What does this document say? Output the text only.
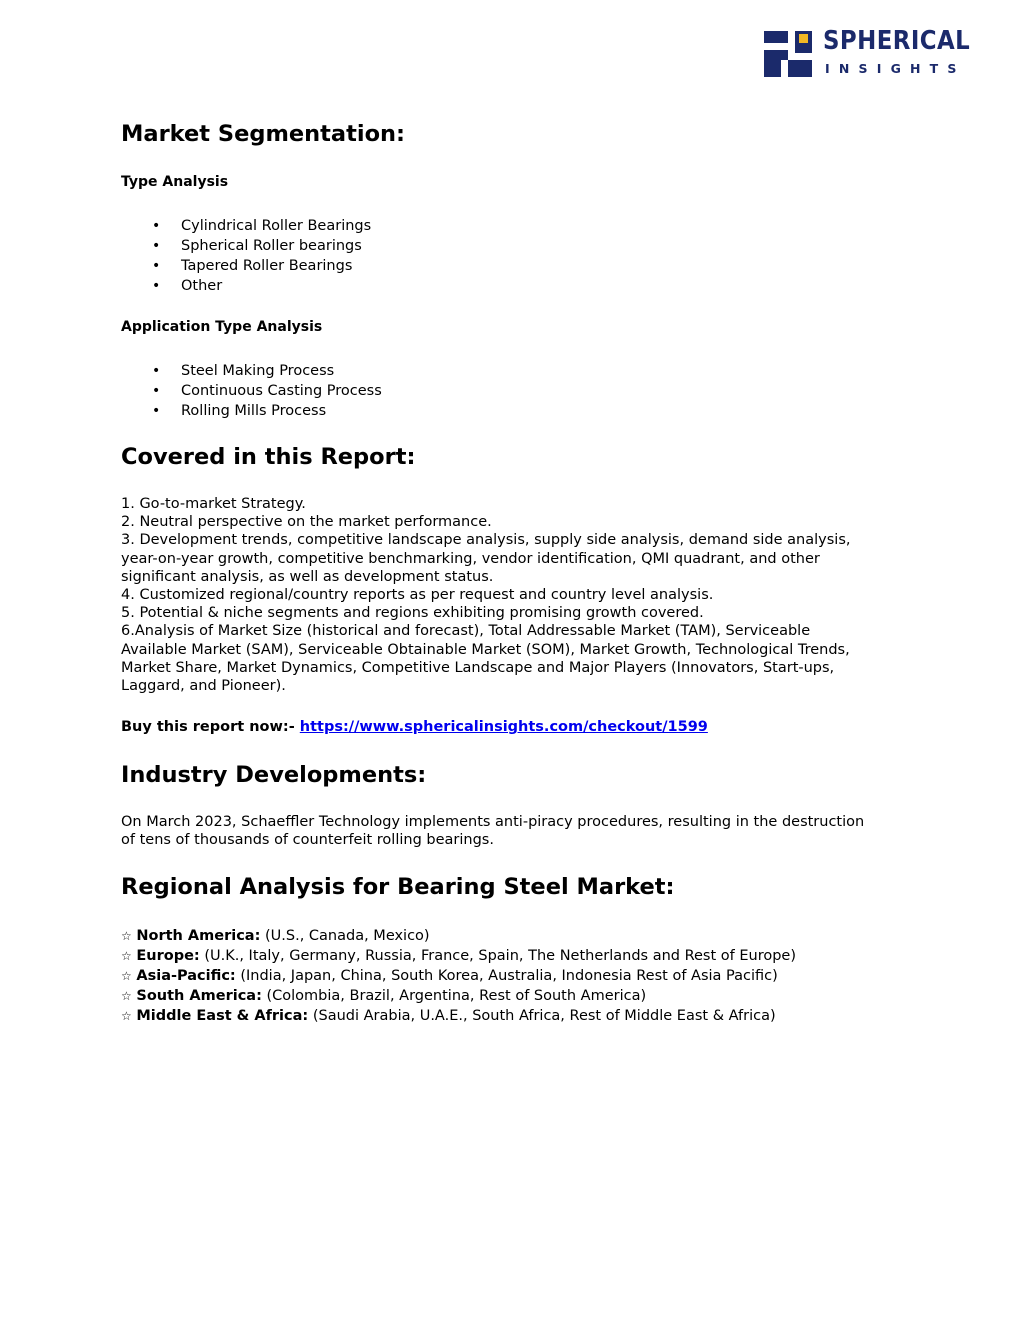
SPHERICAL
INSIGHTS
Market Segmentation:
Type Analysis
• Cylindrical Roller Bearings
• Spherical Roller bearings
• Tapered Roller Bearings
• Other
Application Type Analysis
• Steel Making Process
• Continuous Casting Process
• Rolling Mills Process
Covered in this Report:
1. Go-to-market Strategy.
2. Neutral perspective on the market performance.
3. Development trends, competitive landscape analysis, supply side analysis, demand side analysis,
year-on-year growth, competitive benchmarking, vendor identification, QMI quadrant, and other
significant analysis, as well as development status.
4. Customized regional/country reports as per request and country level analysis.
5. Potential & niche segments and regions exhibiting promising growth covered.
6.Analysis of Market Size (historical and forecast), Total Addressable Market (TAM), Serviceable
Available Market (SAM), Serviceable Obtainable Market (SOM), Market Growth, Technological Trends,
Market Share, Market Dynamics, Competitive Landscape and Major Players (Innovators, Start-ups,
Laggard, and Pioneer).
Buy this report now:- https://www.sphericalinsights.com/checkout/1599
Industry Developments:
On March 2023, Schaeffler Technology implements anti-piracy procedures, resulting in the destruction
of tens of thousands of counterfeit rolling bearings.
Regional Analysis for Bearing Steel Market:
☆ North America: (U.S., Canada, Mexico)
☆ Europe: (U.K., Italy, Germany, Russia, France, Spain, The Netherlands and Rest of Europe)
☆ Asia-Pacific: (India, Japan, China, South Korea, Australia, Indonesia Rest of Asia Pacific)
☆ South America: (Colombia, Brazil, Argentina, Rest of South America)
☆ Middle East & Africa: (Saudi Arabia, U.A.E., South Africa, Rest of Middle East & Africa)
